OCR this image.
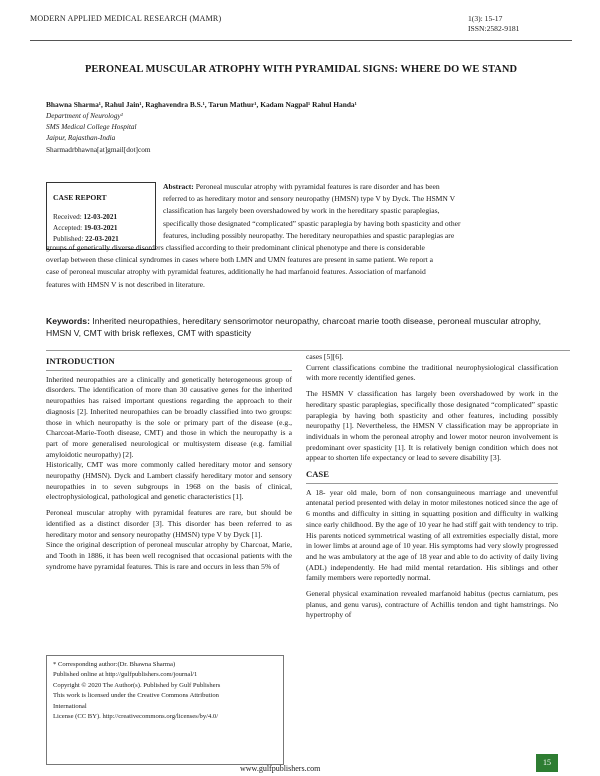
MODERN APPLIED MEDICAL RESEARCH (MAMR)	1(3): 15-17
ISSN:2582-9181
PERONEAL MUSCULAR ATROPHY WITH PYRAMIDAL SIGNS: WHERE DO WE STAND
Bhawna Sharma¹, Rahul Jain¹, Raghavendra B.S.¹, Tarun Mathur¹, Kadam Nagpal¹ Rahul Handa¹
Department of Neurology¹
SMS Medical College Hospital
Jaipur, Rajasthan-India
Sharmadrbhawna[at]gmail[dot]com
CASE REPORT
Received: 12-03-2021
Accepted: 19-03-2021
Published: 22-03-2021
Abstract: Peroneal muscular atrophy with pyramidal features is rare disorder and has been
referred to as hereditary motor and sensory neuropathy (HMSN) type V by Dyck. The HSMN V
classification has largely been overshadowed by work in the hereditary spastic paraplegias,
specifically those designated “complicated” spastic paraplegia by having both spasticity and other
features, including possibly neuropathy. The hereditary neuropathies and spastic paraplegias are
groups of genetically diverse disorders classified according to their predominant clinical phenotype and there is considerable
overlap between these clinical syndromes in cases where both LMN and UMN features are present in same patient. We report a
case of peroneal muscular atrophy with pyramidal features, additionally he had marfanoid features. Association of marfanoid
features with HMSN V is not described in literature.
Keywords: Inherited neuropathies, hereditary sensorimotor neuropathy, charcoat marie tooth disease, peroneal muscular atrophy, HMSN V, CMT with brisk reflexes, CMT with spasticity
INTRODUCTION

Inherited neuropathies are a clinically and genetically heterogeneous group of disorders. The identification of more than 30 causative genes for the inherited neuropathies has raised important questions regarding the approach to their diagnosis [2]. Inherited neuropathies can be broadly classified into two groups: those in which neuropathy is the sole or primary part of the disease (e.g., Charcoat-Marie-Tooth disease, CMT) and those in which the neuropathy is a part of more generalised neurological or multisystem disease (e.g. familial amyloidotic neuropathy) [2].

Historically, CMT was more commonly called hereditary motor and sensory neuropathy (HMSN). Dyck and Lambert classify hereditary motor and sensory neuropathies in to seven subgroups in 1968 on the basis of clinical, electrophysiological, pathological and genetic characteristics [1].

Peroneal muscular atrophy with pyramidal features are rare, but should be identified as a distinct disorder [3]. This disorder has been referred to as hereditary motor and sensory neuropathy (HMSN) type V by Dyck [1].

Since the original description of peroneal muscular atrophy by Charcoat, Marie, and Tooth in 1886, it has been well recognised that occasional patients with the syndrome have pyramidal features. This is rare and occurs in less than 5% of

cases [5][6].

Current classifications combine the traditional neurophysiological classification with more recently identified genes.

The HSMN V classification has largely been overshadowed by work in the hereditary spastic paraplegias, specifically those designated “complicated” spastic paraplegia by having both spasticity and other features, including possibly neuropathy [1]. Nevertheless, the HMSN V classification may be appropriate in individuals in whom the peroneal atrophy and lower motor neuron involvement is predominant over spasticity [1]. It is relatively benign condition which does not appear to shorten life expectancy or lead to severe disability [3].

CASE

A 18- year old male, born of non consanguineous marriage and uneventful antenatal period presented with delay in motor milestones noticed since the age of 6 months and difficulty in sitting in squatting position and difficulty in walking since early childhood. By the age of 10 year he had stiff gait with tendency to trip. His parents noticed symmetrical wasting of all extremities especially distal, more in lower limbs at around age of 10 year. His symptoms had very slowly progressed and he was ambulatory at the age of 18 year and able to do activity of daily living (ADL) independently. He had mild mental retardation. His siblings and other family members were reportedly normal.

General physical examination revealed marfanoid habitus (pectus carniatum, pes planus, and genu varus), contracture of Achillis tendon and tight hamstrings. No hypertrophy of

* Corresponding author:(Dr. Bhawna Sharma)
Published online at http://gulfpublishers.com/journal/1
Copyright © 2020 The Author(s). Published by Gulf Publishers
This work is licensed under the Creative Commons Attribution
International
License (CC BY). http://creativecommons.org/licenses/by/4.0/
www.gulfpublishers.com
15
